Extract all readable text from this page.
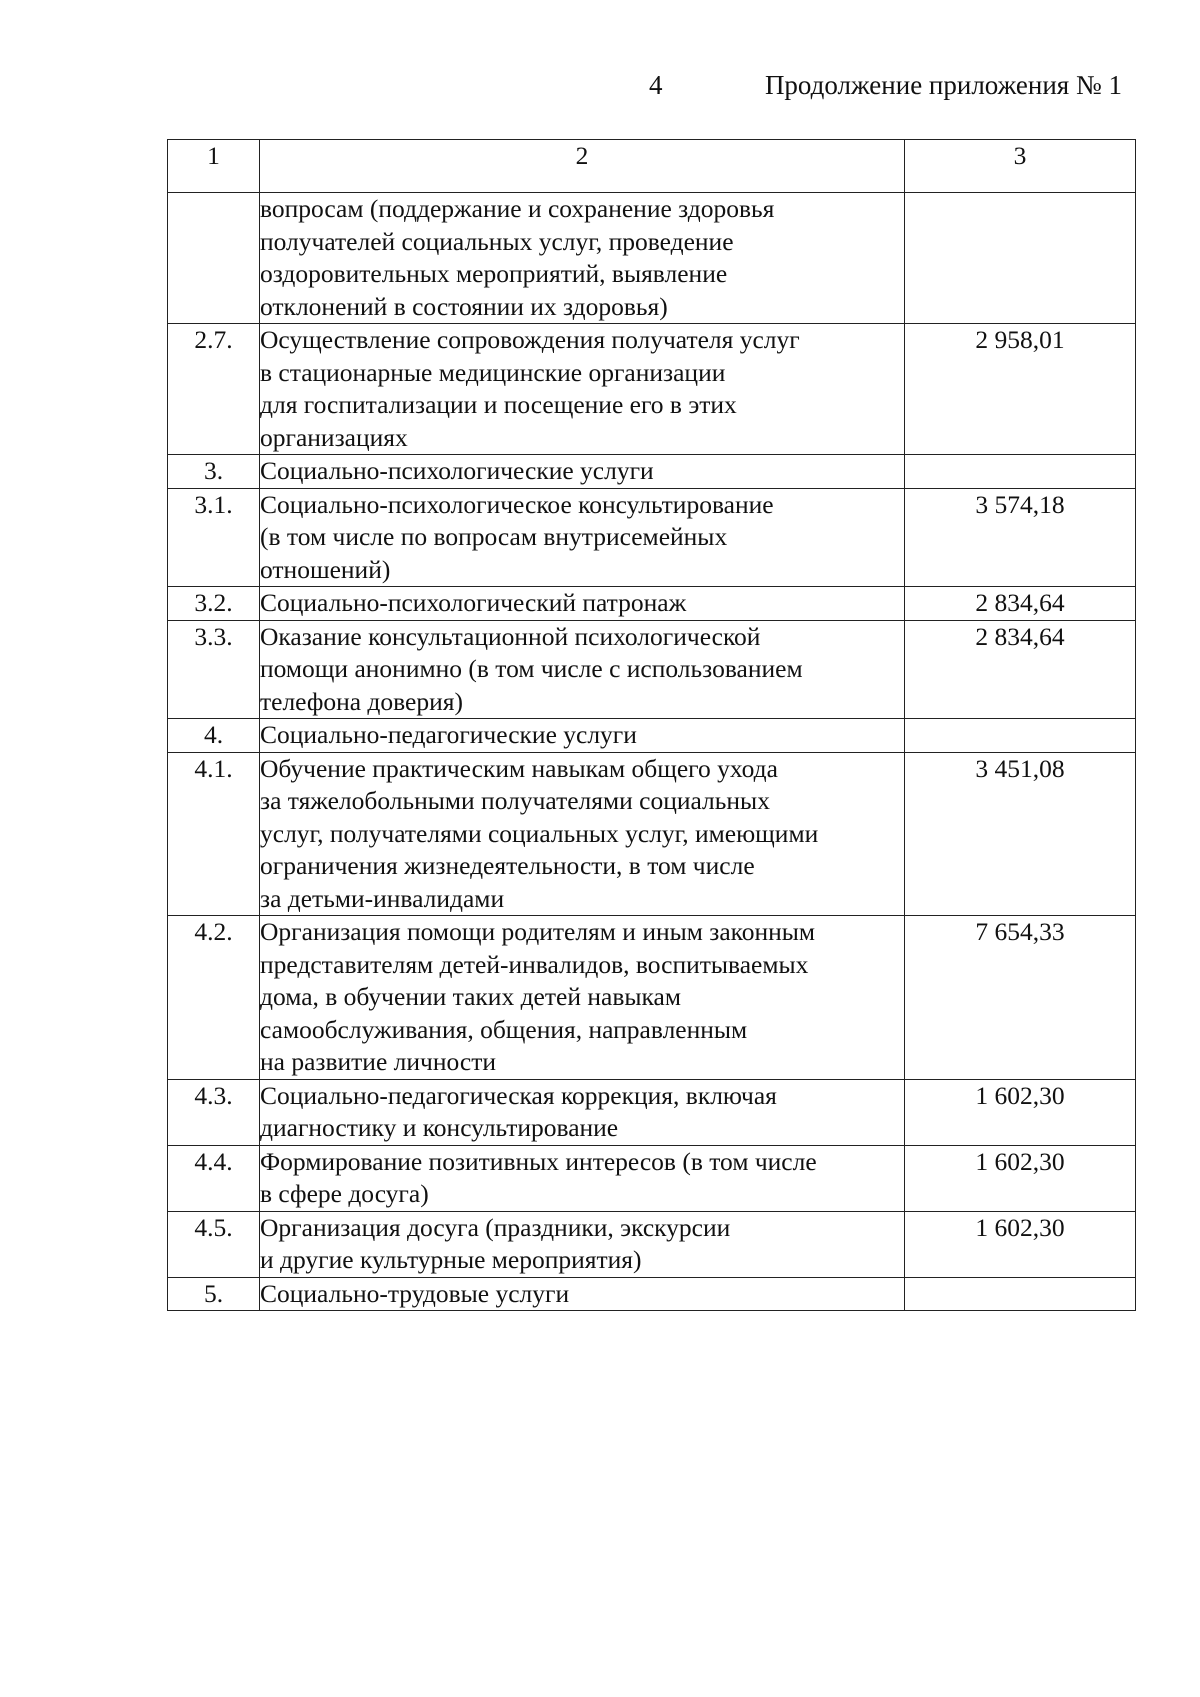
4	Продолжение приложения № 1
1	2	3
	вопросам (поддержание и сохранение здоровья
получателей социальных услуг, проведение
оздоровительных мероприятий, выявление
отклонений в состоянии их здоровья)	
2.7.	Осуществление сопровождения получателя услуг
в стационарные медицинские организации
для госпитализации и посещение его в этих
организациях	2 958,01
3.	Социально-психологические услуги	
3.1.	Социально-психологическое консультирование
(в том числе по вопросам внутрисемейных
отношений)	3 574,18
3.2.	Социально-психологический патронаж	2 834,64
3.3.	Оказание консультационной психологической
помощи анонимно (в том числе с использованием
телефона доверия)	2 834,64
4.	Социально-педагогические услуги	
4.1.	Обучение практическим навыкам общего ухода
за тяжелобольными получателями социальных
услуг, получателями социальных услуг, имеющими
ограничения жизнедеятельности, в том числе
за детьми-инвалидами	3 451,08
4.2.	Организация помощи родителям и иным законным
представителям детей-инвалидов, воспитываемых
дома, в обучении таких детей навыкам
самообслуживания, общения, направленным
на развитие личности	7 654,33
4.3.	Социально-педагогическая коррекция, включая
диагностику и консультирование	1 602,30
4.4.	Формирование позитивных интересов (в том числе
в сфере досуга)	1 602,30
4.5.	Организация досуга (праздники, экскурсии
и другие культурные мероприятия)	1 602,30
5.	Социально-трудовые услуги	
